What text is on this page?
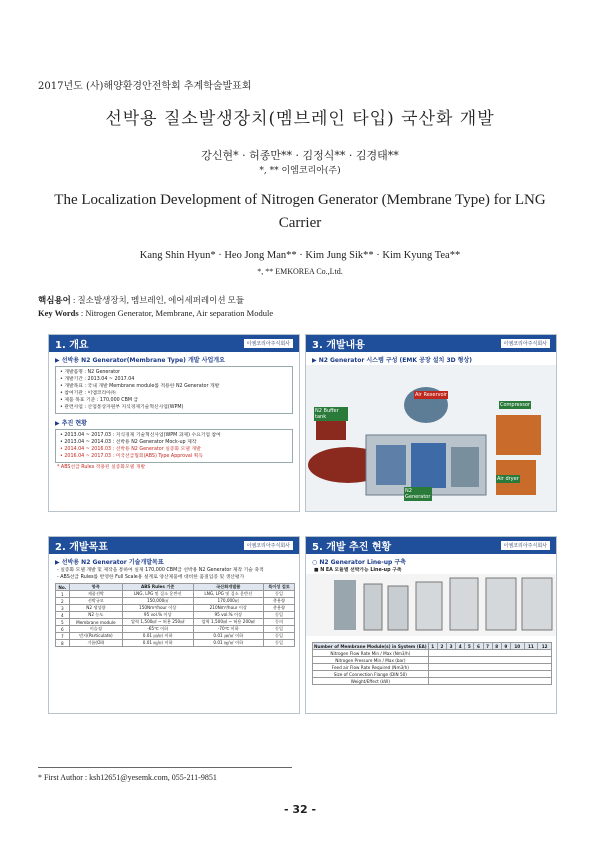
2017년도 (사)해양환경안전학회 추계학술발표회
선박용 질소발생장치(멤브레인 타입) 국산화 개발
강신현* · 허종만** · 김정식** · 김경태**
*, ** 이엠코리아(주)
The Localization Development of Nitrogen Generator (Membrane Type) for LNG Carrier
Kang Shin Hyun* · Heo Jong Man** · Kim Jung Sik** · Kim Kyung Tea**
*, ** EMKOREA Co.,Ltd.
핵심용어 : 질소발생장치, 멤브레인, 에어세퍼레이션 모듈
Key Words : Nitrogen Generator, Membrane, Air separation Module
1. 개요	이엠코리아주식회사
▶ 선박용 N2 Generator(Membrane Type) 개발 사업개요
• 개발품명 : N2 Generator
• 개발기간 : 2013.04 ~ 2017.04
• 개발목표 : 국내 개발 Membrane module를 적용한 N2 Generator 개발
• 참여기관 : 이엠코리아㈜
• 제품 목표 기준 : 170,000 CBM 급
• 관련사업 : 산업통상자원부 지식경제기술혁신사업(WPM)
▶ 추진 현황
• 2013.04 ~ 2017.03 : 지식경제 기술혁신사업(WPM 과제) 수요기업 참여
• 2013.04 ~ 2014.03 : 선박용 N2 Generator Mock-up 제작
• 2014.04 ~ 2016.03 : 선박용 N2 Generator 실증화 모델 개발
• 2016.04 ~ 2017.03 : 미국선급협회(ABS) Type Approval 획득
* ABS선급 Rules 적용된 실증화모델 개발
3. 개발내용	이엠코리아주식회사
▶ N2 Generator 시스템 구성 (EMK 공장 설치 3D 형상)
Air Reservoir
N2 Buffer tank
Compressor
N2 Generator
Air dryer
2. 개발목표	이엠코리아주식회사
▶ 선박용 N2 Generator 기술개발목표
- 실증화 모델 개발 및 제작을 통하여 실제 170,000 CBM급 선박용 N2 Generator 제작 기술 축적
- ABS선급 Rules를 반영한 Full Scale용 설계로 양산제품에 대비한 품질입증 및 생산평가
No.	항목	ABS Rules 기준	국산화개발품	특이성 검토
1	제품선박	LNG, LPG 및 질소 운반선	LNG, LPG 및 질소 운반선	동일
2	선박규모	150,000㎥	170,000㎥	총용량
3	N2 생성량	150Nm³/hour 이상	210Nm³/hour 이상	총용량
4	N2 농도	95 vol.% 이상	95 vol.% 이상	동일
5	Membrane module	압력 1,500㎖ ~ 허용 250㎖	압력 1,500㎖ ~ 허용 200㎖	동의
6	이슬점	-65℃ 이하	-70℃ 이하	동일
7	먼지(Particulate)	0.01 ㎛/㎥ 이하	0.01 ㎛/㎥ 이하	동일
8	기름(Oil)	0.01 ㎎/㎥ 이하	0.01 ㎎/㎥ 이하	동일
5. 개발 추진 현황	이엠코리아주식회사
○ N2 Generator Line-up 구축
■ N EA 모듈별 선박가능 Line-up 구축
Number of Membrane Module(s) in System (EA)	1	2	3	4	5	6	7	8	9	10	11	12
Nitrogen Flow Rate Min / Max (Nm3/h)												
Nitrogen Pressure Min / Max (bar)												
Feed air Flow Rate Required (Nm3/h)												
Size of Connection Flange (DIN 50)												
Weight/Effect (kW)												
* First Author : ksh12651@yesemk.com, 055-211-9851
- 32 -
